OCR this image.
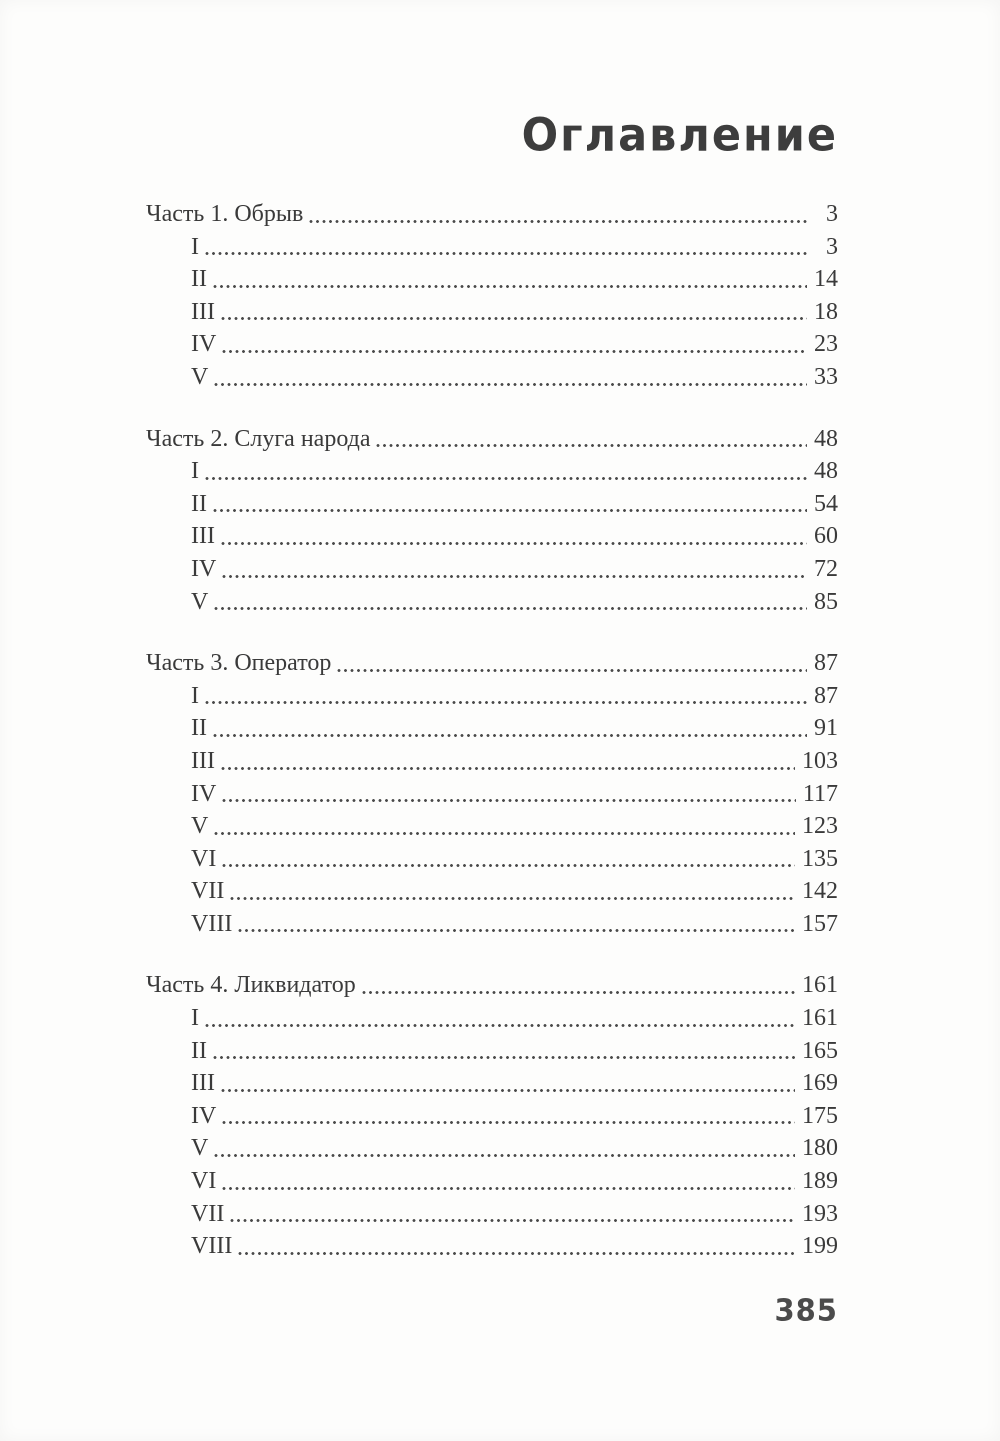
Оглавление
Часть 1. Обрыв	3
I	3
II	14
III	18
IV	23
V	33
Часть 2. Слуга народа	48
I	48
II	54
III	60
IV	72
V	85
Часть 3. Оператор	87
I	87
II	91
III	103
IV	117
V	123
VI	135
VII	142
VIII	157
Часть 4. Ликвидатор	161
I	161
II	165
III	169
IV	175
V	180
VI	189
VII	193
VIII	199
385
